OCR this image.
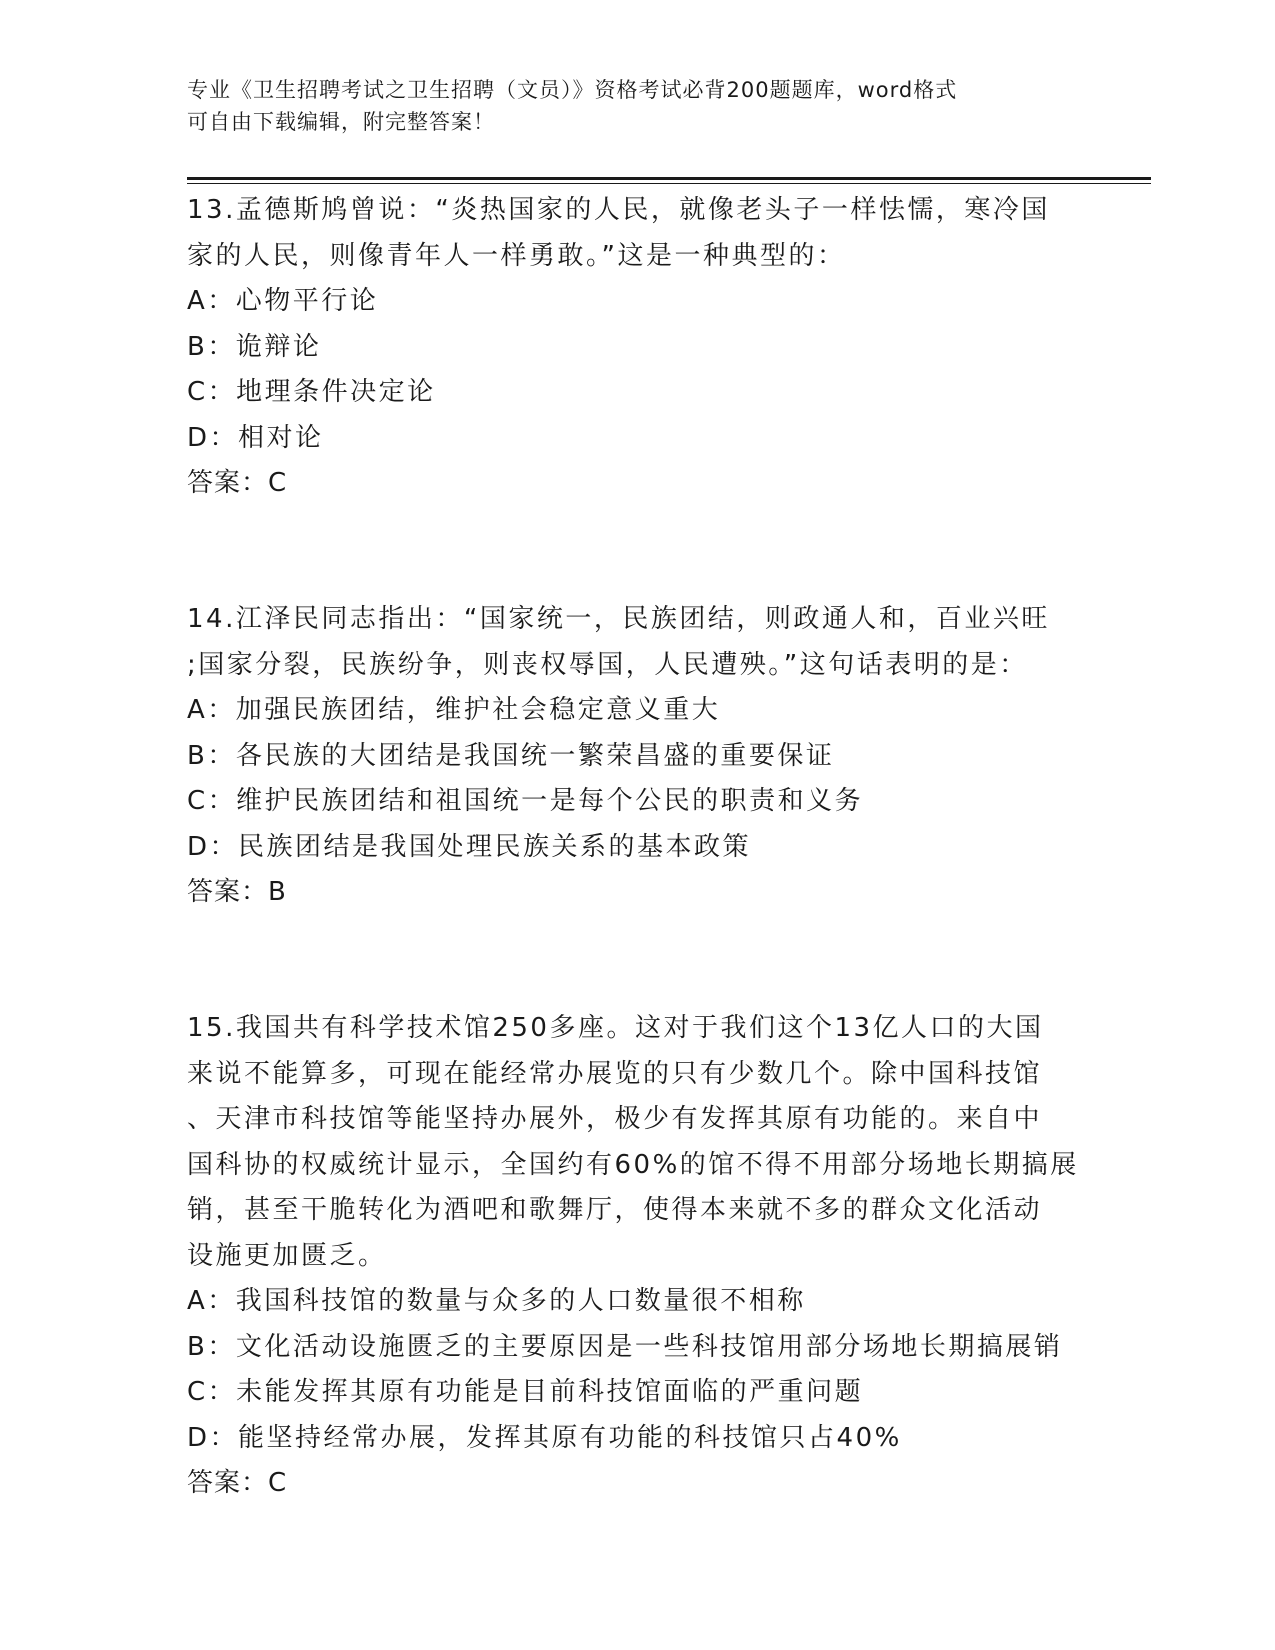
专业《卫生招聘考试之卫生招聘（文员）》资格考试必背200题题库，word格式
可自由下载编辑，附完整答案！
13.孟德斯鸠曾说：“炎热国家的人民，就像老头子一样怯懦，寒冷国
家的人民，则像青年人一样勇敢。”这是一种典型的：
A：心物平行论
B：诡辩论
C：地理条件决定论
D：相对论
答案：C
14.江泽民同志指出：“国家统一，民族团结，则政通人和，百业兴旺
;国家分裂，民族纷争，则丧权辱国，人民遭殃。”这句话表明的是：
A：加强民族团结，维护社会稳定意义重大
B：各民族的大团结是我国统一繁荣昌盛的重要保证
C：维护民族团结和祖国统一是每个公民的职责和义务
D：民族团结是我国处理民族关系的基本政策
答案：B
15.我国共有科学技术馆250多座。这对于我们这个13亿人口的大国
来说不能算多，可现在能经常办展览的只有少数几个。除中国科技馆
、天津市科技馆等能坚持办展外，极少有发挥其原有功能的。来自中
国科协的权威统计显示，全国约有60%的馆不得不用部分场地长期搞展
销，甚至干脆转化为酒吧和歌舞厅，使得本来就不多的群众文化活动
设施更加匮乏。
A：我国科技馆的数量与众多的人口数量很不相称
B：文化活动设施匮乏的主要原因是一些科技馆用部分场地长期搞展销
C：未能发挥其原有功能是目前科技馆面临的严重问题
D：能坚持经常办展，发挥其原有功能的科技馆只占40%
答案：C
